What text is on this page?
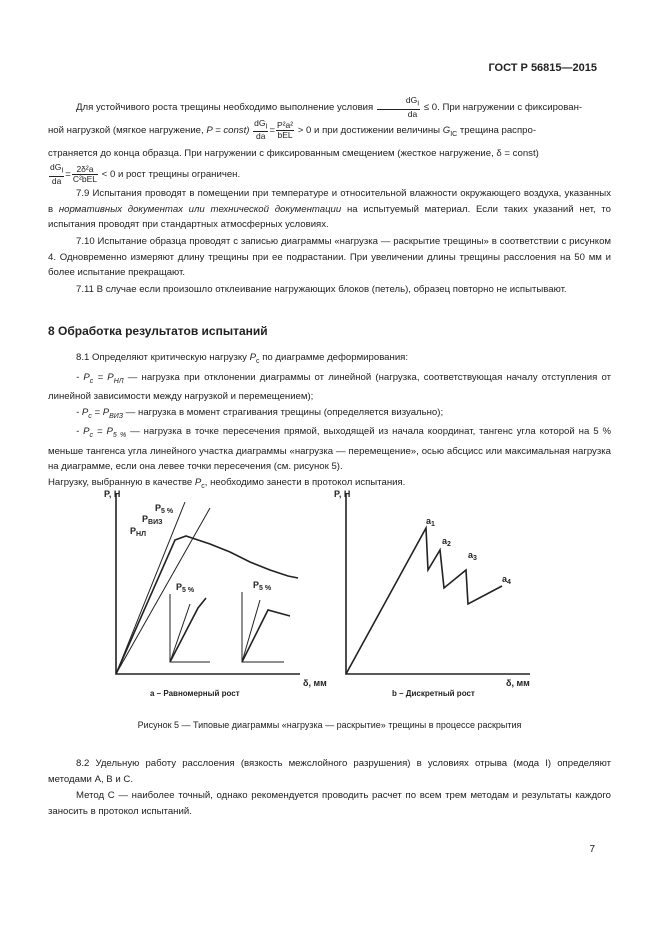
ГОСТ Р 56815—2015
Для устойчивого роста трещины необходимо выполнение условия $\frac{dG_I}{da} \le 0$. При нагружении с фиксирован-
ной нагрузкой (мягкое нагружение, P = const) $\frac{dG_I}{da} = \frac{\text{P²a²}}{\text{bEL}} > 0$ и при достижении величины $G_{IC}$ трещина распро-
страняется до конца образца. При нагружении с фиксированным смещением (жесткое нагружение, δ = const)
$\frac{dG_I}{da} = \frac{\text{2δ²a}}{\text{C²bEL}} < 0$ и рост трещины ограничен.
7.9 Испытания проводят в помещении при температуре и относительной влажности окружающего воздуха, указанных в нормативных документах или технической документации на испытуемый материал. Если таких указаний нет, то испытания проводят при стандартных атмосферных условиях.
7.10 Испытание образца проводят с записью диаграммы «нагрузка — раскрытие трещины» в соответствии с рисунком 4. Одновременно измеряют длину трещины при ее подрастании. При увеличении длины трещины расслоения на 50 мм и более испытание прекращают.
7.11 В случае если произошло отклеивание нагружающих блоков (петель), образец повторно не испытывают.
8 Обработка результатов испытаний
8.1 Определяют критическую нагрузку $P_c$ по диаграмме деформирования:
- $P_c = P_{НЛ}$ — нагрузка при отклонении диаграммы от линейной (нагрузка, соответствующая началу отступления от линейной зависимости между нагрузкой и перемещением);
- $P_c = P_{ВИЗ}$ — нагрузка в момент страгивания трещины (определяется визуально);
- $P_c = P_{5 \%}$ — нагрузка в точке пересечения прямой, выходящей из начала координат, тангенс угла которой на 5 % меньше тангенса угла линейного участка диаграммы «нагрузка — перемещение», осью абсцисс или максимальная нагрузка на диаграмме, если она левее точки пересечения (см. рисунок 5).
Нагрузку, выбранную в качестве $P_c$, необходимо занести в протокол испытания.
P, Н
δ, мм
$P_{5 \%}$
$P_{ВИЗ}$
$P_{НЛ}$
$P_{5 \%}$
$P_{5 \%}$
a – Равномерный рост
P, Н
δ, мм
$a_1$
$a_2$
$a_3$
$a_4$
b – Дискретный рост
Рисунок 5 — Типовые диаграммы «нагрузка — раскрытие» трещины в процессе раскрытия
8.2 Удельную работу расслоения (вязкость межслойного разрушения) в условиях отрыва (мода I) определяют методами А, В и С.
Метод С — наиболее точный, однако рекомендуется проводить расчет по всем трем методам и результаты каждого заносить в протокол испытаний.
7
